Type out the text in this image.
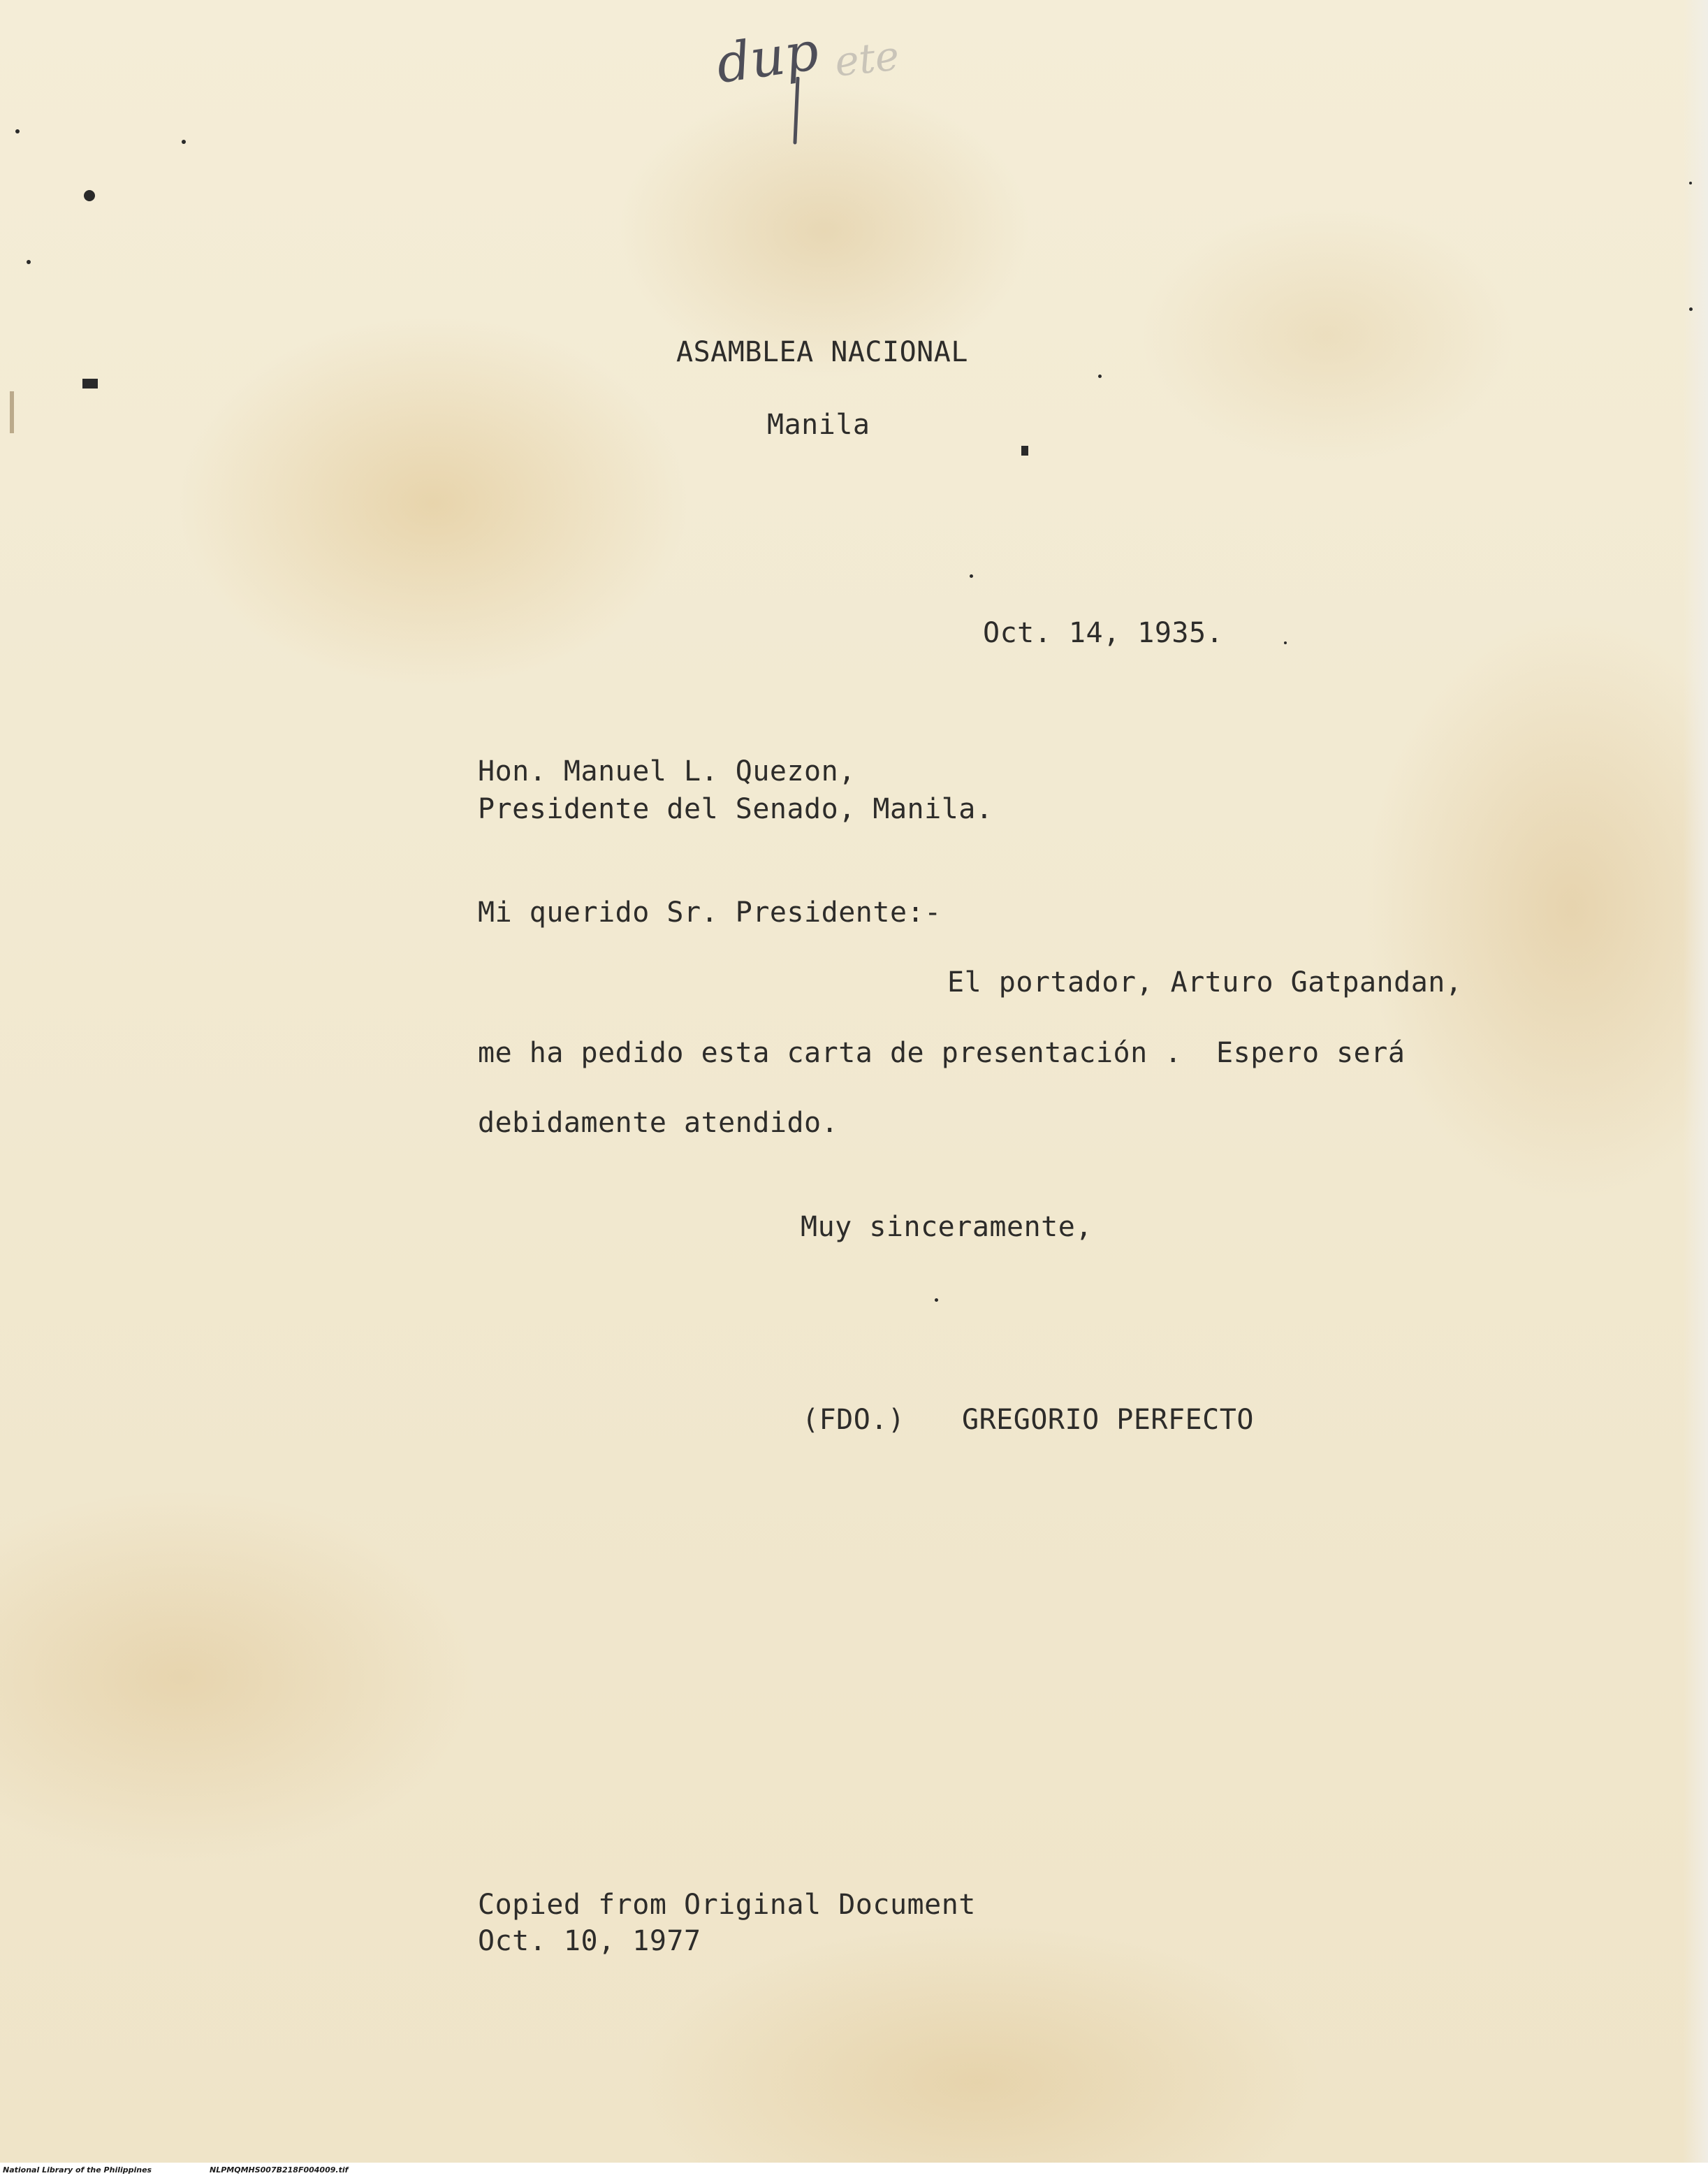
dup ete
ASAMBLEA NACIONAL
Manila
Oct. 14, 1935.
Hon. Manuel L. Quezon,
Presidente del Senado, Manila.
Mi querido Sr. Presidente:-
El portador, Arturo Gatpandan,
me ha pedido esta carta de presentación .  Espero será
debidamente atendido.
Muy sinceramente,
(FDO.) GREGORIO PERFECTO
Copied from Original Document
Oct. 10, 1977

National Library of the Philippines

	NLPMQMHS007B218F004009.tif
